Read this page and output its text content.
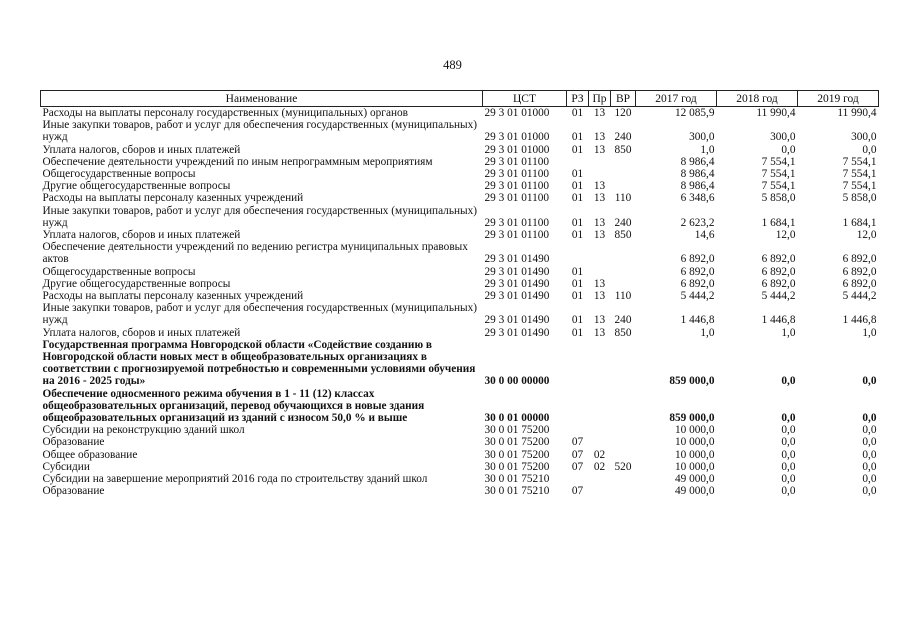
489
Наименование	ЦСТ	РЗ	Пр	ВР	2017 год	2018 год	2019 год
Расходы на выплаты персоналу государственных (муниципальных) органов	29 3 01 01000	01	13	120	12 085,9	11 990,4	11 990,4
Иные закупки товаров, работ и услуг для обеспечения государственных (муниципальных) нужд	29 3 01 01000	01	13	240	300,0	300,0	300,0
Уплата налогов, сборов и иных платежей	29 3 01 01000	01	13	850	1,0	0,0	0,0
Обеспечение деятельности учреждений по иным непрограммным мероприятиям	29 3 01 01100				8 986,4	7 554,1	7 554,1
Общегосударственные вопросы	29 3 01 01100	01			8 986,4	7 554,1	7 554,1
Другие общегосударственные вопросы	29 3 01 01100	01	13		8 986,4	7 554,1	7 554,1
Расходы на выплаты персоналу казенных учреждений	29 3 01 01100	01	13	110	6 348,6	5 858,0	5 858,0
Иные закупки товаров, работ и услуг для обеспечения государственных (муниципальных) нужд	29 3 01 01100	01	13	240	2 623,2	1 684,1	1 684,1
Уплата налогов, сборов и иных платежей	29 3 01 01100	01	13	850	14,6	12,0	12,0
Обеспечение деятельности учреждений по ведению регистра муниципальных правовых актов	29 3 01 01490				6 892,0	6 892,0	6 892,0
Общегосударственные вопросы	29 3 01 01490	01			6 892,0	6 892,0	6 892,0
Другие общегосударственные вопросы	29 3 01 01490	01	13		6 892,0	6 892,0	6 892,0
Расходы на выплаты персоналу казенных учреждений	29 3 01 01490	01	13	110	5 444,2	5 444,2	5 444,2
Иные закупки товаров, работ и услуг для обеспечения государственных (муниципальных) нужд	29 3 01 01490	01	13	240	1 446,8	1 446,8	1 446,8
Уплата налогов, сборов и иных платежей	29 3 01 01490	01	13	850	1,0	1,0	1,0
Государственная программа Новгородской области «Содействие созданию в Новгородской области новых мест в общеобразовательных организациях в соответствии с прогнозируемой потребностью и современными условиями обучения на 2016 - 2025 годы»	30 0 00 00000				859 000,0	0,0	0,0
Обеспечение односменного режима обучения в 1 - 11 (12) классах общеобразовательных организаций, перевод обучающихся в новые здания общеобразовательных организаций из зданий с износом 50,0 % и выше	30 0 01 00000				859 000,0	0,0	0,0
Субсидии на реконструкцию зданий школ	30 0 01 75200				10 000,0	0,0	0,0
Образование	30 0 01 75200	07			10 000,0	0,0	0,0
Общее образование	30 0 01 75200	07	02		10 000,0	0,0	0,0
Субсидии	30 0 01 75200	07	02	520	10 000,0	0,0	0,0
Субсидии на завершение мероприятий 2016 года по строительству зданий школ	30 0 01 75210				49 000,0	0,0	0,0
Образование	30 0 01 75210	07			49 000,0	0,0	0,0
